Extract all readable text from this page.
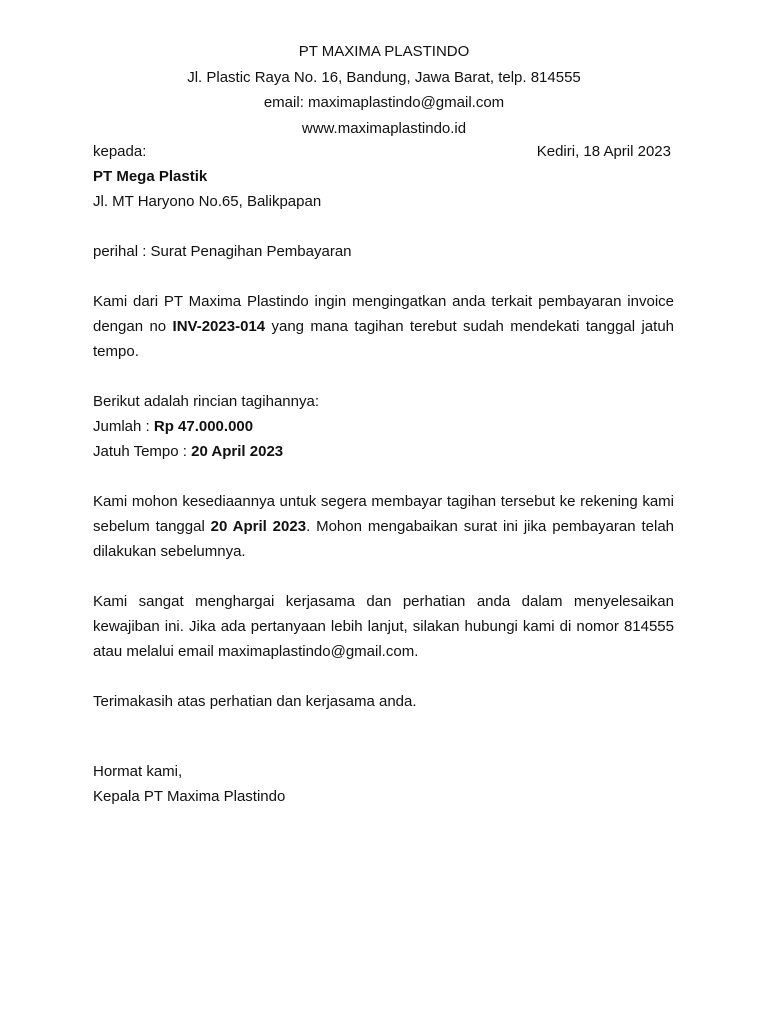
PT MAXIMA PLASTINDO
Jl. Plastic Raya No. 16, Bandung, Jawa Barat, telp. 814555
email: maximaplastindo@gmail.com
www.maximaplastindo.id
kepada:	Kediri, 18 April 2023
PT Mega Plastik
Jl. MT Haryono No.65, Balikpapan
perihal : Surat Penagihan Pembayaran

Kami dari PT Maxima Plastindo ingin mengingatkan anda terkait pembayaran invoice dengan no INV-2023-014 yang mana tagihan terebut sudah mendekati tanggal jatuh tempo.

Berikut adalah rincian tagihannya:
Jumlah : Rp 47.000.000
Jatuh Tempo : 20 April 2023

Kami mohon kesediaannya untuk segera membayar tagihan tersebut ke rekening kami sebelum tanggal 20 April 2023. Mohon mengabaikan surat ini jika pembayaran telah dilakukan sebelumnya.

Kami sangat menghargai kerjasama dan perhatian anda dalam menyelesaikan kewajiban ini. Jika ada pertanyaan lebih lanjut, silakan hubungi kami di nomor 814555 atau melalui email maximaplastindo@gmail.com.

Terimakasih atas perhatian dan kerjasama anda.
Hormat kami,
Kepala PT Maxima Plastindo
